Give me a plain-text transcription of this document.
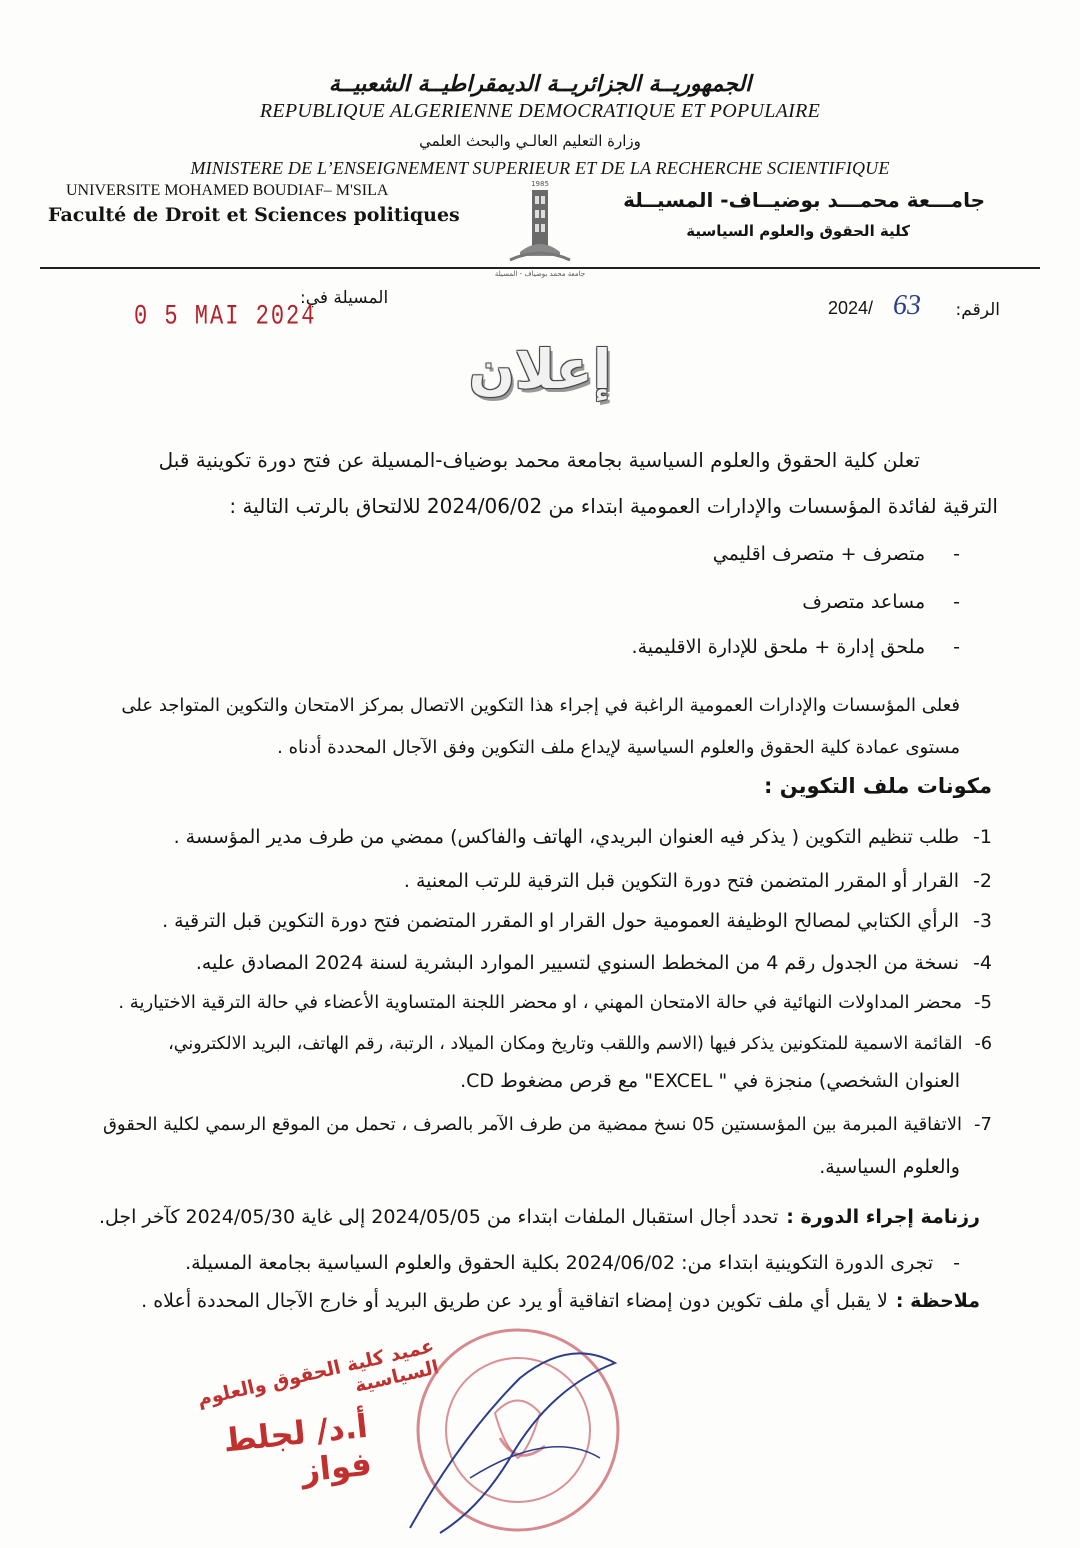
الجمهوريــة الجزائريــة الديمقراطيــة الشعبيــة
REPUBLIQUE ALGERIENNE DEMOCRATIQUE ET POPULAIRE
وزارة التعليم العالـي والبحث العلمي
MINISTERE DE L’ENSEIGNEMENT SUPERIEUR ET DE LA RECHERCHE SCIENTIFIQUE
UNIVERSITE MOHAMED BOUDIAF– M'SILA
Faculté de Droit et Sciences politiques
جامـــعة محمـــد بوضيــاف- المسيــلة
كلية الحقوق والعلوم السياسية
1985
جامعة محمد بوضياف - المسيلة
الرقم:
63
2024/
المسيلة في:
0 5 MAI 2024
إعلان
تعلن كلية الحقوق والعلوم السياسية بجامعة محمد بوضياف-المسيلة عن فتح دورة تكوينية قبل
الترقية لفائدة المؤسسات والإدارات العمومية ابتداء من 2024/06/02 للالتحاق بالرتب التالية :
-متصرف + متصرف اقليمي
-مساعد متصرف
-ملحق إدارة + ملحق للإدارة الاقليمية.
فعلى المؤسسات والإدارات العمومية الراغبة في إجراء هذا التكوين الاتصال بمركز الامتحان والتكوين المتواجد على
مستوى عمادة كلية الحقوق والعلوم السياسية لإيداع ملف التكوين وفق الآجال المحددة أدناه .
مكونات ملف التكوين :
1-طلب تنظيم التكوين ( يذكر فيه العنوان البريدي، الهاتف والفاكس) ممضي من طرف مدير المؤسسة .
2-القرار أو المقرر المتضمن فتح دورة التكوين قبل الترقية للرتب المعنية .
3-الرأي الكتابي لمصالح الوظيفة العمومية حول القرار او المقرر المتضمن فتح دورة التكوين قبل الترقية .
4-نسخة من الجدول رقم 4 من المخطط السنوي لتسيير الموارد البشرية لسنة 2024 المصادق عليه.
5-محضر المداولات النهائية في حالة الامتحان المهني ، او محضر اللجنة المتساوية الأعضاء في حالة الترقية الاختيارية .
6-القائمة الاسمية للمتكونين يذكر فيها (الاسم واللقب وتاريخ ومكان الميلاد ، الرتبة، رقم الهاتف، البريد الالكتروني،
العنوان الشخصي) منجزة في " EXCEL" مع قرص مضغوط CD.
7-الاتفاقية المبرمة بين المؤسستين 05 نسخ ممضية من طرف الآمر بالصرف ، تحمل من الموقع الرسمي لكلية الحقوق
والعلوم السياسية.
رزنامة إجراء الدورة :تحدد أجال استقبال الملفات ابتداء من 2024/05/05 إلى غاية 2024/05/30 كآخر اجل.
-تجرى الدورة التكوينية ابتداء من: 2024/06/02 بكلية الحقوق والعلوم السياسية بجامعة المسيلة.
ملاحظة :لا يقبل أي ملف تكوين دون إمضاء اتفاقية أو يرد عن طريق البريد أو خارج الآجال المحددة أعلاه .
عميد كلية الحقوق والعلوم السياسية
أ.د/ لجلط فواز
